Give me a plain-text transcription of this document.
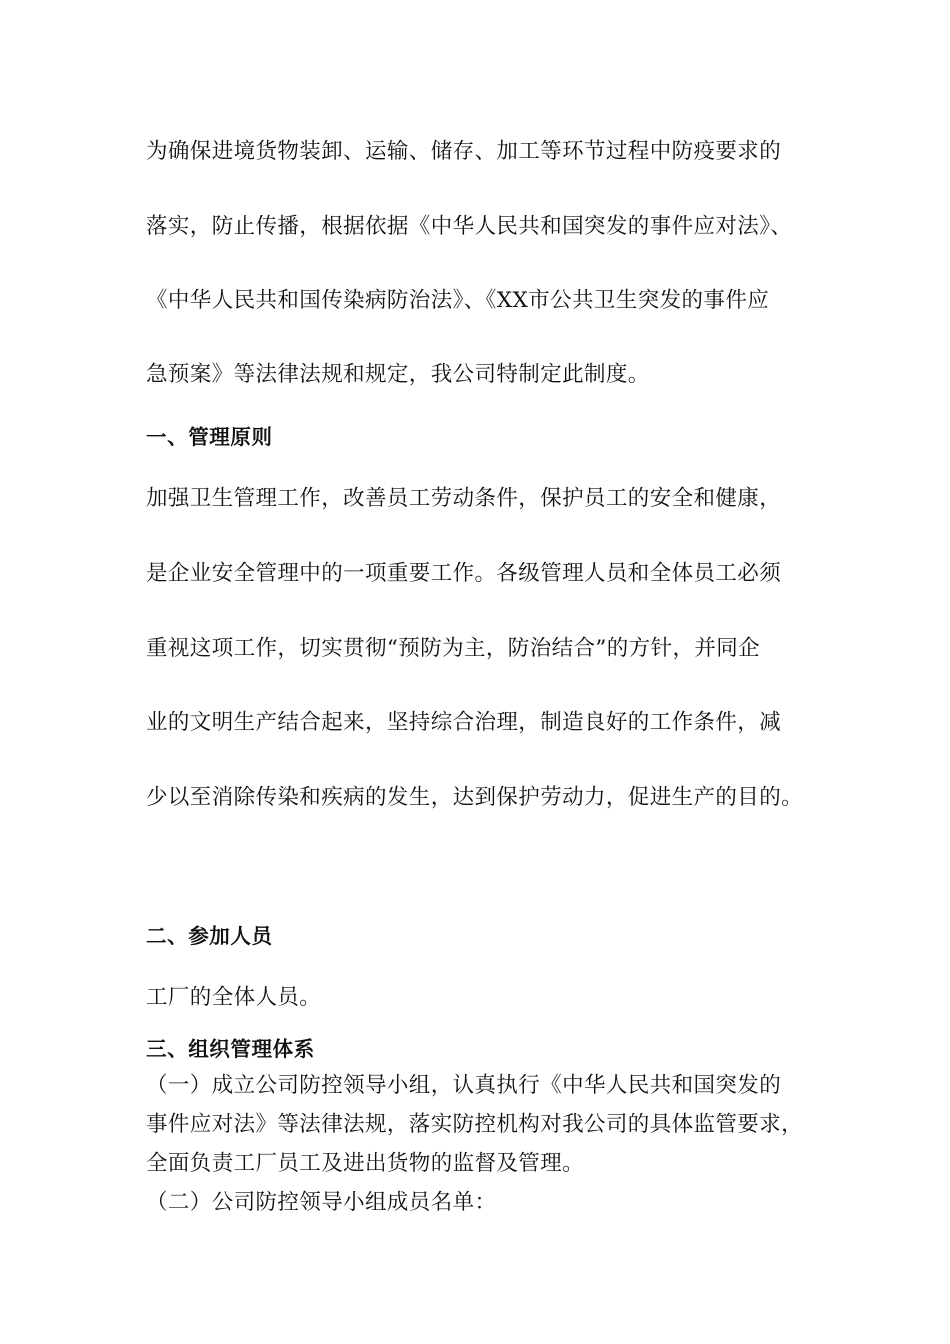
为确保进境货物装卸、运输、储存、加工等环节过程中防疫要求的
落实，防止传播，根据依据《中华人民共和国突发的事件应对法》、
《中华人民共和国传染病防治法》、《XX市公共卫生突发的事件应
急预案》等法律法规和规定，我公司特制定此制度。
一、管理原则
加强卫生管理工作，改善员工劳动条件，保护员工的安全和健康，
是企业安全管理中的一项重要工作。各级管理人员和全体员工必须
重视这项工作，切实贯彻“预防为主，防治结合”的方针，并同企
业的文明生产结合起来，坚持综合治理，制造良好的工作条件，减
少以至消除传染和疾病的发生，达到保护劳动力，促进生产的目的。
二、参加人员
工厂的全体人员。
三、组织管理体系
（一）成立公司防控领导小组，认真执行《中华人民共和国突发的
事件应对法》等法律法规，落实防控机构对我公司的具体监管要求，
全面负责工厂员工及进出货物的监督及管理。
（二）公司防控领导小组成员名单：
